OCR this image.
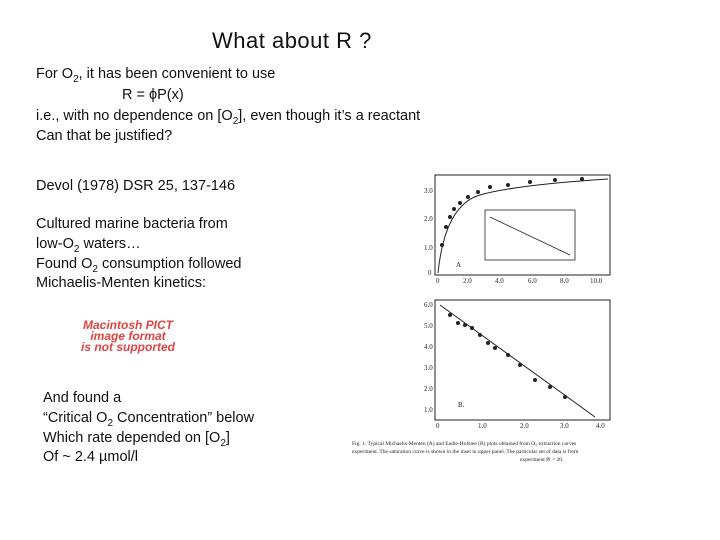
What about R ?
For $O_2$, it has been convenient to use
R = ϕP(x)
i.e., with no dependence on $[O_2]$, even though it’s a reactant
Can that be justified?
Devol (1978) DSR 25, 137-146
Cultured marine bacteria from
low-$O_2$ waters…
Found $O_2$ consumption followed
Michaelis-Menten kinetics:
Macintosh PICT
image format
is not supported
And found a
“Critical $O_2$ Concentration” below
Which rate depended on $[O_2]$
Of ~ 2.4 µmol/l
3.0
2.0
1.0
0
0	2.0	4.0	6.0	8.0	10.0
A
6.0
5.0
4.0
3.0
2.0
1.0
0	1.0	2.0	3.0	4.0
B.
Fig. 1. Typical Michaelis-Menten (A) and Eadie-Hofstee (B) plots obtained from O₂ extraction curves
experiment. The saturation curve is shown in the inset in upper panel. The particular set of data is from
experiment Pl = 20.
